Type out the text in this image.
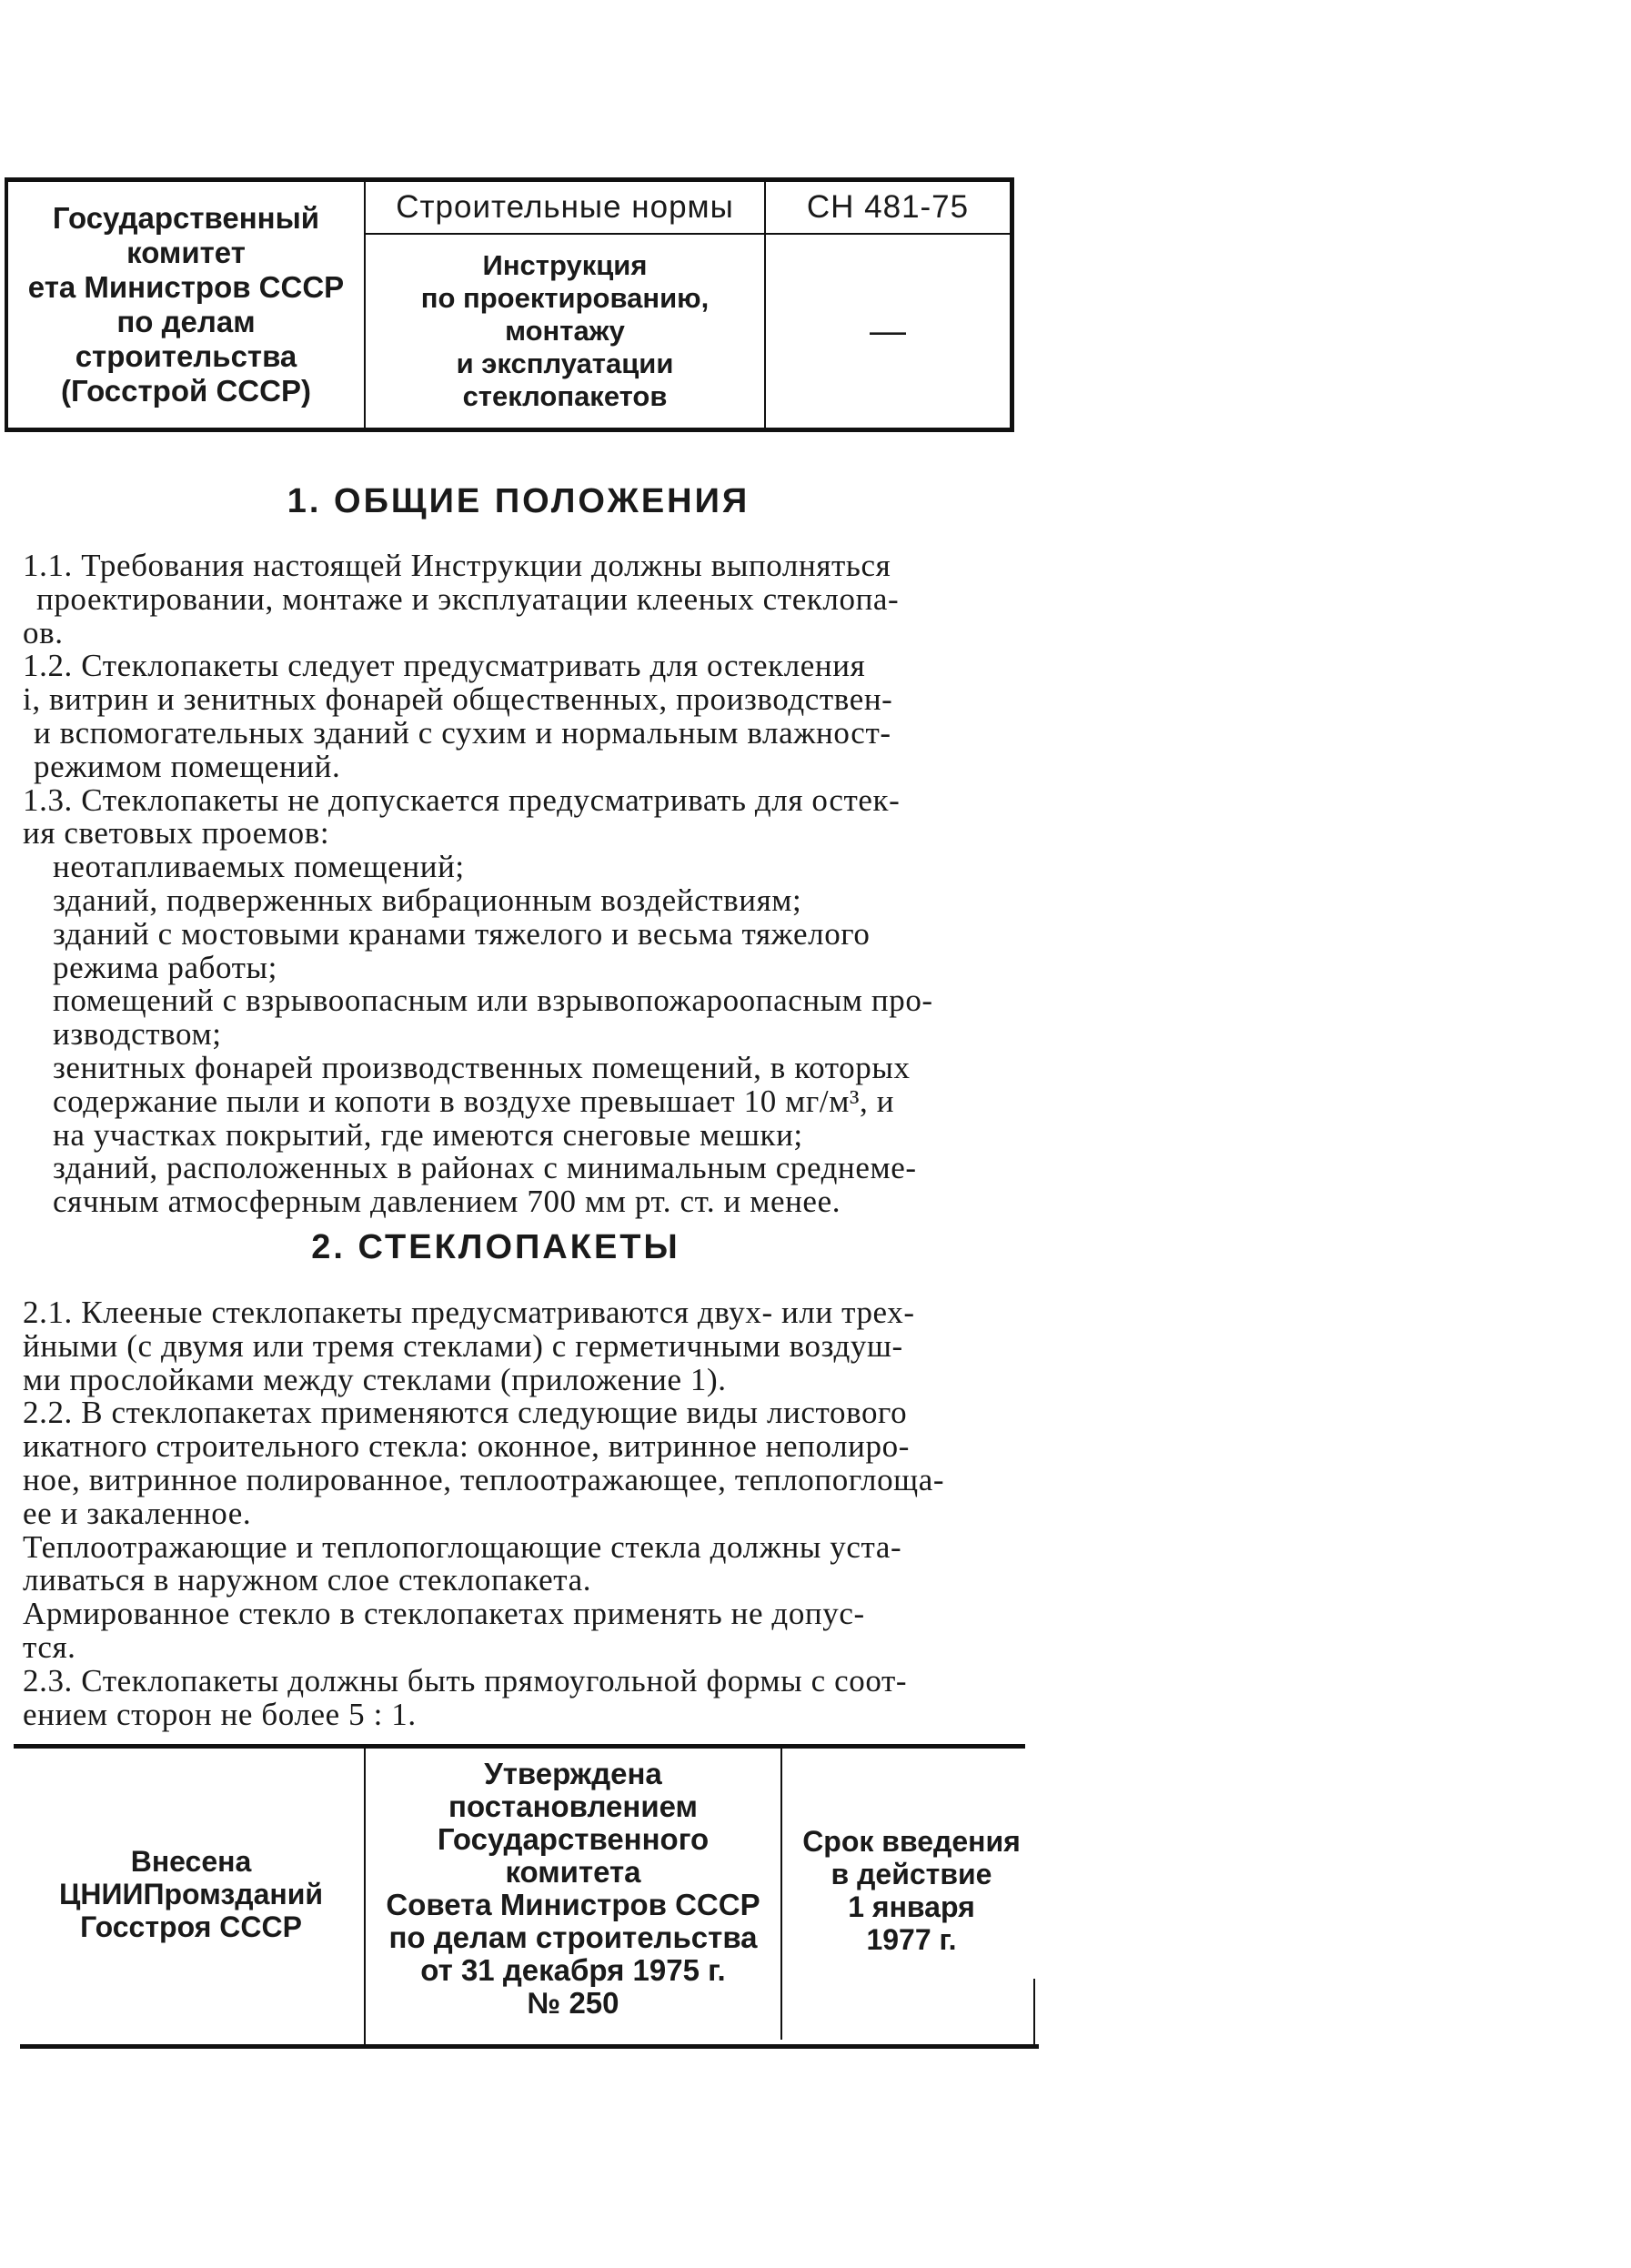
Государственный
комитет
ета Министров СССР
по делам
строительства
(Госстрой СССР)
Строительные нормы
Инструкция
по проектированию,
монтажу
и эксплуатации
стеклопакетов
СН 481-75
—
1. ОБЩИЕ ПОЛОЖЕНИЯ

1.1. Требования настоящей Инструкции должны выполняться

проектировании, монтаже и эксплуатации клееных стеклопа-

ов.

1.2. Стеклопакеты следует предусматривать для остекления

і, витрин и зенитных фонарей общественных, производствен-

и вспомогательных зданий с сухим и нормальным влажност-

режимом помещений.

1.3. Стеклопакеты не допускается предусматривать для остек-

ия световых проемов:

неотапливаемых помещений;

зданий, подверженных вибрационным воздействиям;

зданий с мостовыми кранами тяжелого и весьма тяжелого

режима работы;

помещений с взрывоопасным или взрывопожароопасным про-

изводством;

зенитных фонарей производственных помещений, в которых

содержание пыли и копоти в воздухе превышает 10 мг/м³, и

на участках покрытий, где имеются снеговые мешки;

зданий, расположенных в районах с минимальным среднеме-

сячным атмосферным давлением 700 мм рт. ст. и менее.

2. СТЕКЛОПАКЕТЫ

2.1. Клееные стеклопакеты предусматриваются двух- или трех-

йными (с двумя или тремя стеклами) с герметичными воздуш-

ми прослойками между стеклами (приложение 1).

2.2. В стеклопакетах применяются следующие виды листового

икатного строительного стекла: оконное, витринное неполиро-

ное, витринное полированное, теплоотражающее, теплопоглоща-

ее и закаленное.

Теплоотражающие и теплопоглощающие стекла должны уста-

ливаться в наружном слое стеклопакета.

Армированное стекло в стеклопакетах применять не допус-

тся.

2.3. Стеклопакеты должны быть прямоугольной формы с соот-

ением сторон не более 5 : 1.

Внесена
ЦНИИПромзданий
Госстроя СССР
Утверждена
постановлением
Государственного
комитета
Совета Министров СССР
по делам строительства
от 31 декабря 1975 г.
№ 250
Срок введения
в действие
1 января
1977 г.
